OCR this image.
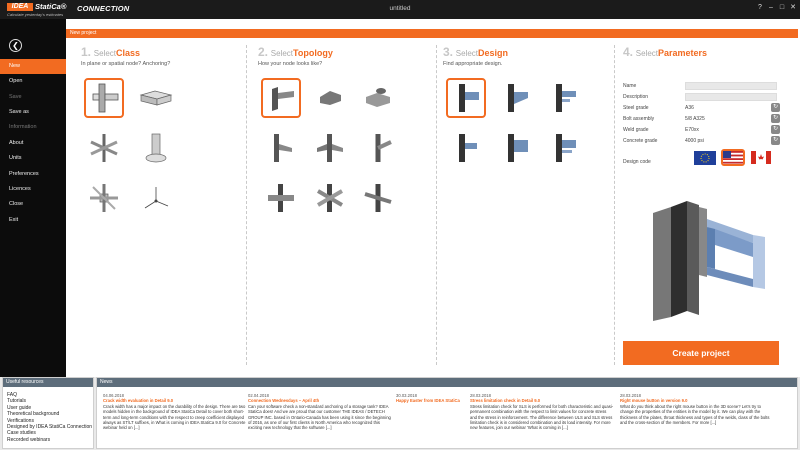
IDEA StatiCa®
Calculate yesterday's estimates
CONNECTION	untitled	?	– □ ✕
❮
New
Open
Save
Save as
Information
About
Units
Preferences
Licences
Close
Exit
New project
1. SelectClass
In plane or spatial node? Anchoring?
2. SelectTopology
How your node looks like?
3. SelectDesign
Find appropriate design.
4. SelectParameters
Name
Description
Steel grade	A36	↻
Bolt assembly	5/8 A325	↻
Weld grade	E70xx	↻
Concrete grade	4000 psi	↻
Design code
Create project
Useful resources
FAQ
Tutorials
User guide
Theoretical background
Verifications
Designed by IDEA StatiCa Connection
Case studies
Recorded webinars
News
04.06.2018
Crack width evaluation in Detail 9.0
Crack width has a major impact on the durability of the design. There are two models hidden in the background of IDEA StatiCa Detail to cover both short-term and long-term conditions with the respect to creep coefficient displayed always as ST/LT suffixes, in What is coming in IDEA StatiCa 9.0 for Concrete webinar held on [...]
02.04.2018
Connection Wednesdays – April 4th
Can your software check a non-standard anchoring of a storage tank? IDEA StatiCa does! And we are proud that our customer THE IDEAS / DETECH GROUP INC. based in Ontario-Canada has been using it since the beginning of 2016, as one of our first clients in North America who recognized this exciting new technology that the software [...]
30.03.2018
Happy Easter from IDEA StatiCa
28.03.2018
Stress limitation check in Detail 9.0
Stress limitation check for SLS is performed for both characteristic and quasi-permanent combination with the respect to limit values for concrete stress and the stress in reinforcement. The difference between ULS and SLS stress limitation check is in considered combination and its load intensity. For more new features, join our webinar 'What is coming in [...]
28.03.2018
Right mouse button in version 9.0
What do you think about the right mouse button in the 3D scene? Let's try to change the properties of the entities in the model by it. We can play with the thickness of the plates, throat thickness and types of the welds, class of the bolts and the cross-section of the members. For more [...]
